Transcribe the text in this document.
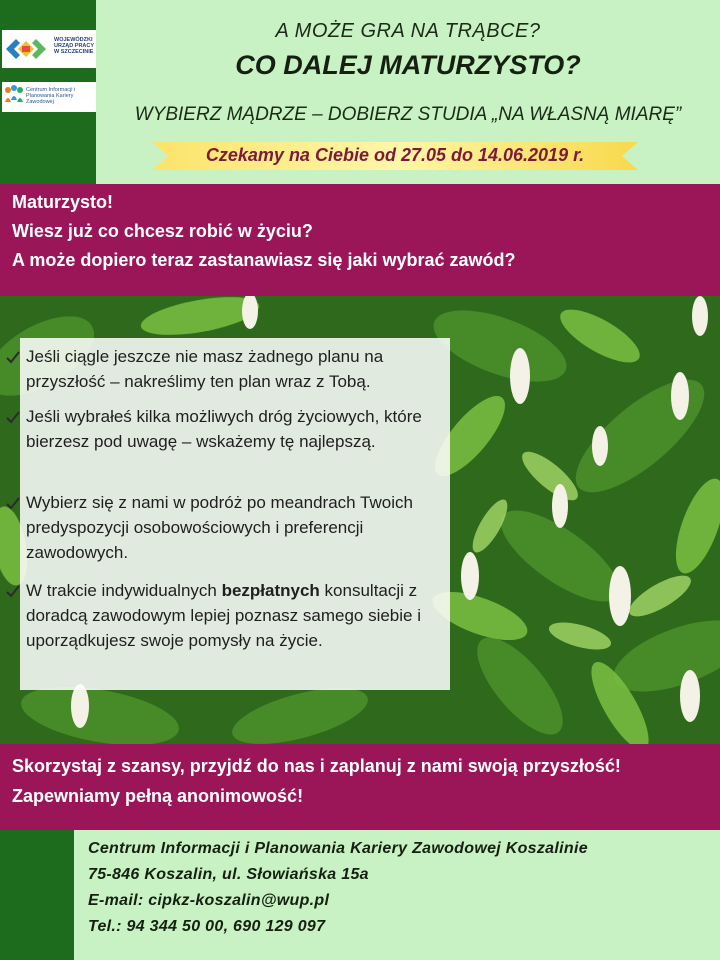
WOJEWÓDZKI URZĄD PRACY W SZCZECINIE
Centrum Informacji i Planowania Kariery Zawodowej
A MOŻE GRA NA TRĄBCE?
CO DALEJ MATURZYSTO?
WYBIERZ MĄDRZE – DOBIERZ STUDIA „NA WŁASNĄ MIARĘ”
Czekamy na Ciebie od 27.05 do 14.06.2019 r.
Maturzysto!
Wiesz już co chcesz robić w życiu?
A może dopiero teraz zastanawiasz się jaki wybrać zawód?
Jeśli ciągle jeszcze nie masz żadnego planu na przyszłość – nakreślimy ten plan wraz z Tobą.
Jeśli wybrałeś kilka możliwych dróg życiowych, które bierzesz pod uwagę – wskażemy tę najlepszą.
Wybierz się z nami w podróż po meandrach Twoich predyspozycji osobowościowych i preferencji zawodowych.
W trakcie indywidualnych bezpłatnych konsultacji z doradcą zawodowym lepiej poznasz samego siebie i uporządkujesz swoje pomysły na życie.
Skorzystaj z szansy, przyjdź do nas i zaplanuj z nami swoją przyszłość!
Zapewniamy pełną anonimowość!
Centrum Informacji i Planowania Kariery Zawodowej Koszalinie
75-846 Koszalin, ul. Słowiańska 15a
E-mail: cipkz-koszalin@wup.pl
Tel.: 94 344 50 00, 690 129 097
